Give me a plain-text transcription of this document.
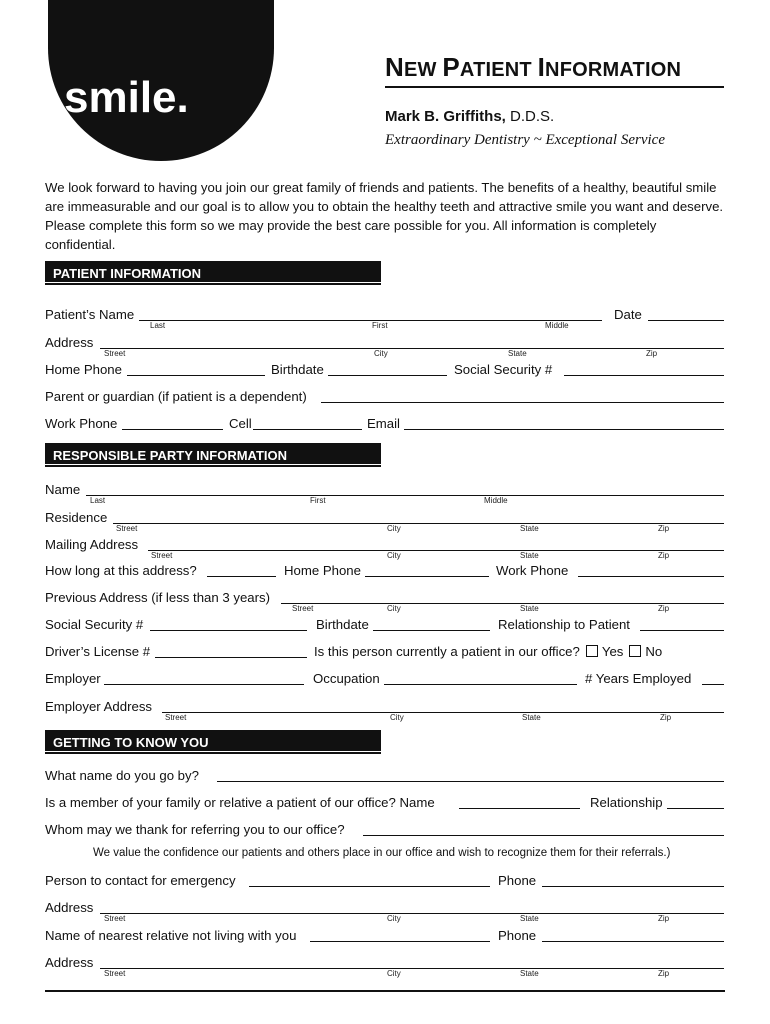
smile.
NEW PATIENT INFORMATION
Mark B. Griffiths, D.D.S.
Extraordinary Dentistry ~ Exceptional Service
We look forward to having you join our great family of friends and patients. The benefits of a healthy, beautiful smile are immeasurable and our goal is to allow you to obtain the healthy teeth and attractive smile you want and deserve. Please complete this form so we may provide the best care possible for you. All information is completely confidential.
PATIENT INFORMATION
Patient’s Name
Last	First	Middle
Date
Address
Street	City	State	Zip
Home Phone	Birthdate	Social Security #
Parent or guardian (if patient is a dependent)
Work Phone	Cell	Email
RESPONSIBLE PARTY INFORMATION
Name
Last	First	Middle
Residence
Street	City	State	Zip
Mailing Address
Street	City	State	Zip
How long at this address?	Home Phone	Work Phone
Previous Address (if less than 3 years)
Street	City	State	Zip
Social Security #	Birthdate	Relationship to Patient
Driver’s License #	Is this person currently a patient in our office? Yes No
Employer	Occupation	# Years Employed
Employer Address
Street	City	State	Zip
GETTING TO KNOW YOU
What name do you go by?
Is a member of your family or relative a patient of our office? Name	Relationship
Whom may we thank for referring you to our office?
We value the confidence our patients and others place in our office and wish to recognize them for their referrals.)
Person to contact for emergency	Phone
Address
Street	City	State	Zip
Name of nearest relative not living with you	Phone
Address
Street	City	State	Zip
